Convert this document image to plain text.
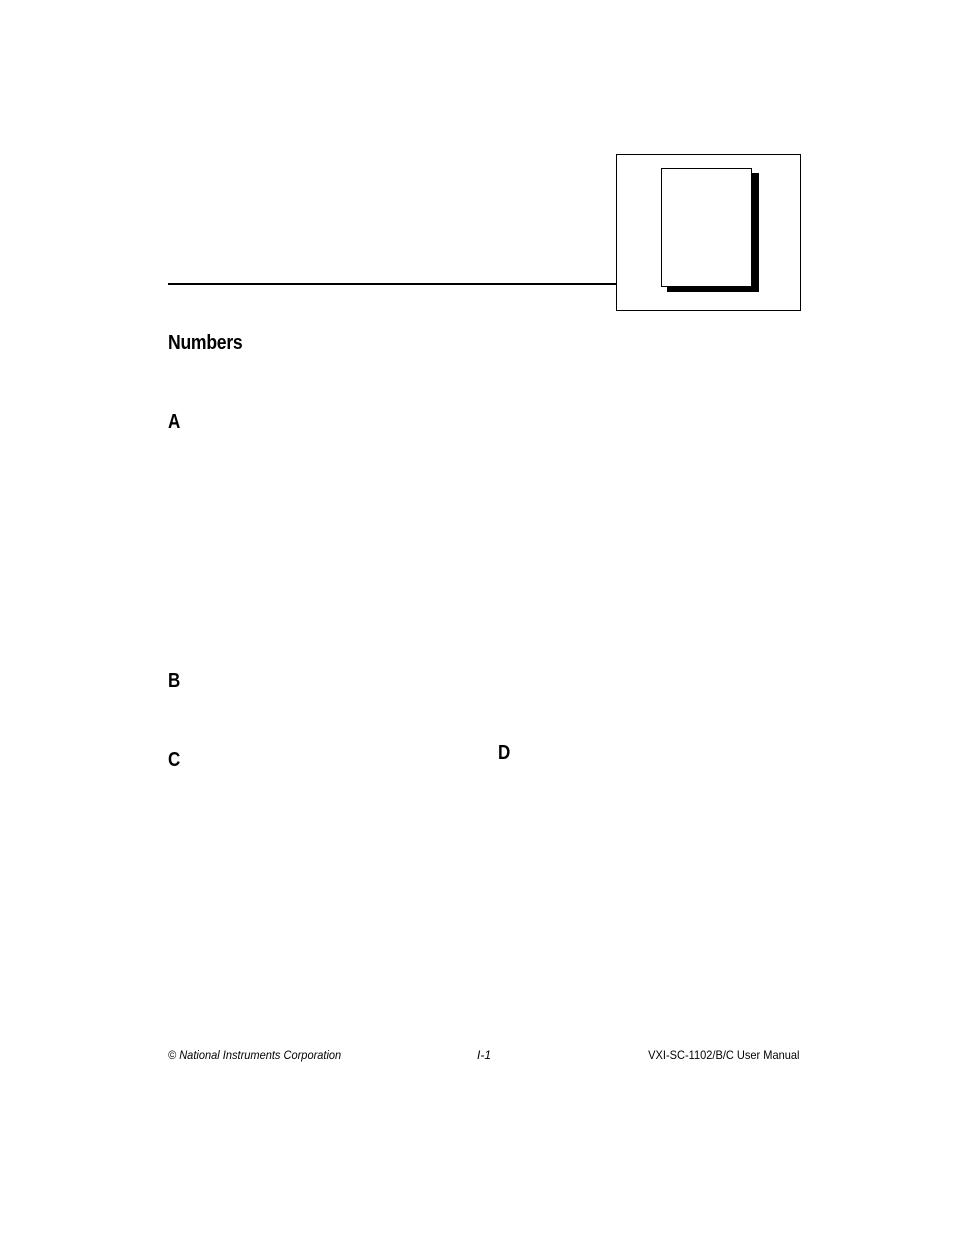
Numbers
A
B
C	D
© National Instruments Corporation	I-1	VXI-SC-1102/B/C User Manual
